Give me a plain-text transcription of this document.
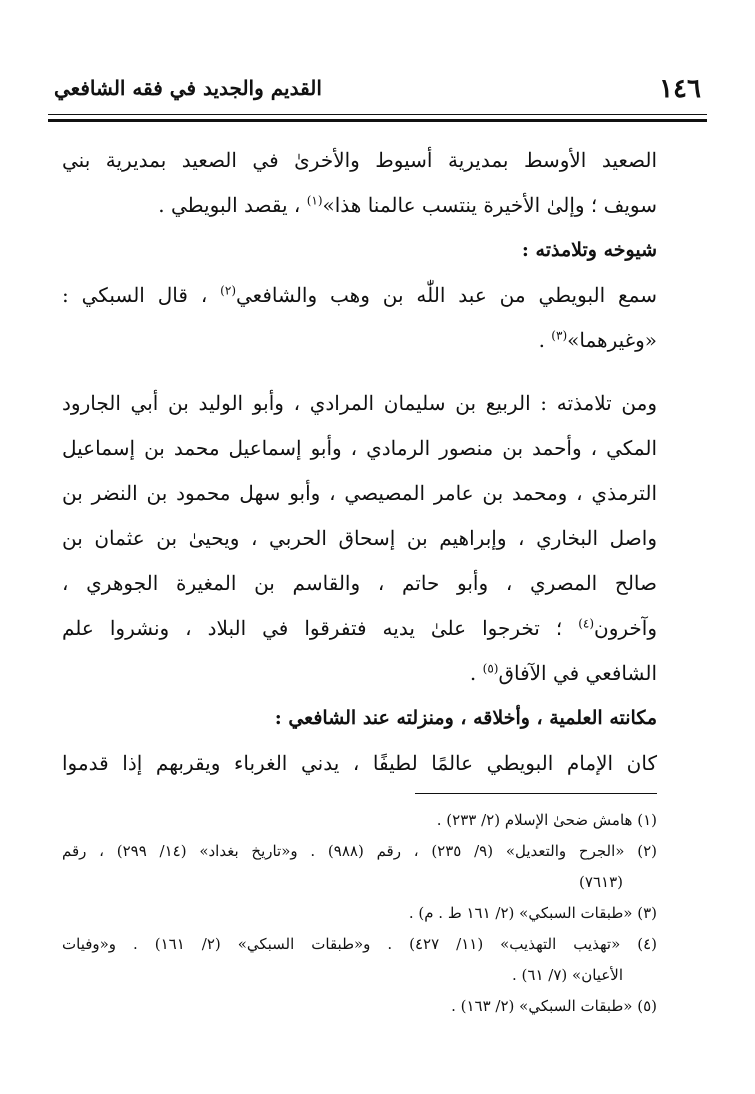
١٤٦
القديم والجديد في فقه الشافعي

الصعيد الأوسط بمديرية أسيوط والأخرىٰ في الصعيد بمديرية بني
سويف ؛ وإلىٰ الأخيرة ينتسب عالمنا هذا»$^{(١)}$ ، يقصد البويطي .

شيوخه وتلامذته :

سمع البويطي من عبد اللّٰه بن وهب والشافعي$^{(٢)}$ ، قال السبكي :
«وغيرهما»$^{(٣)}$ .

ومن تلامذته : الربيع بن سليمان المرادي ، وأبو الوليد بن أبي الجارود
المكي ، وأحمد بن منصور الرمادي ، وأبو إسماعيل محمد بن إسماعيل
الترمذي ، ومحمد بن عامر المصيصي ، وأبو سهل محمود بن النضر بن
واصل البخاري ، وإبراهيم بن إسحاق الحربي ، ويحيىٰ بن عثمان بن
صالح المصري ، وأبو حاتم ، والقاسم بن المغيرة الجوهري ،
وآخرون$^{(٤)}$ ؛ تخرجوا علىٰ يديه فتفرقوا في البلاد ، ونشروا علم
الشافعي في الآفاق$^{(٥)}$ .

مكانته العلمية ، وأخلاقه ، ومنزلته عند الشافعي :

كان الإمام البويطي عالمًا لطيفًا ، يدني الغرباء ويقربهم إذا قدموا

(١) هامش ضحىٰ الإسلام (٢/ ٢٣٣) .

(٢) «الجرح والتعديل» (٩/ ٢٣٥) ، رقم (٩٨٨) . و«تاريخ بغداد» (١٤/ ٢٩٩) ، رقم
(٧٦١٣)

(٣) «طبقات السبكي» (٢/ ١٦١ ط . م) .

(٤) «تهذيب التهذيب» (١١/ ٤٢٧) . و«طبقات السبكي» (٢/ ١٦١) . و«وفيات
الأعيان» (٧/ ٦١) .

(٥) «طبقات السبكي» (٢/ ١٦٣) .
